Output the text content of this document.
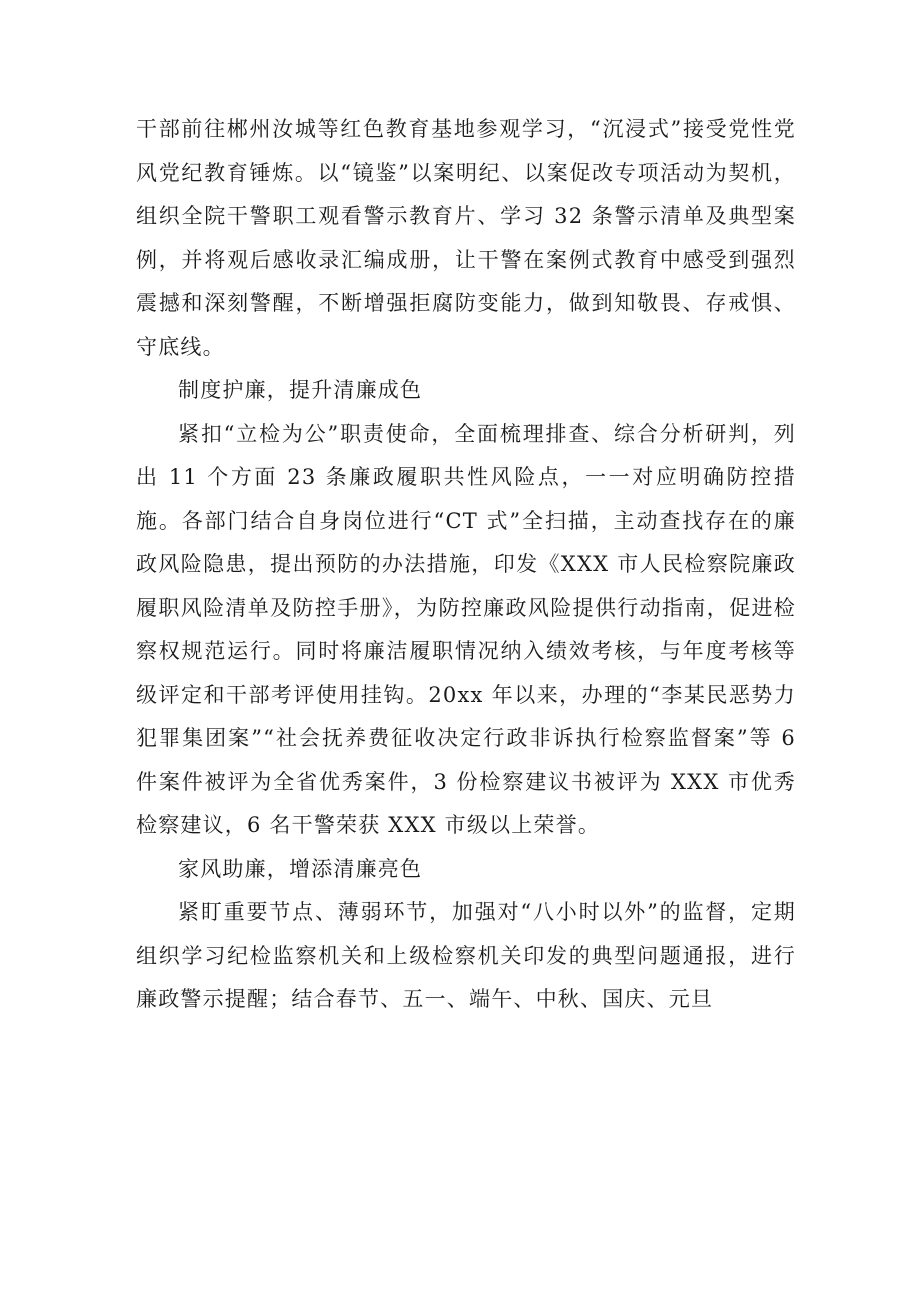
干部前往郴州汝城等红色教育基地参观学习，“沉浸式”接受党性党风党纪教育锤炼。以“镜鉴”以案明纪、以案促改专项活动为契机，组织全院干警职工观看警示教育片、学习 32 条警示清单及典型案例，并将观后感收录汇编成册，让干警在案例式教育中感受到强烈震撼和深刻警醒，不断增强拒腐防变能力，做到知敬畏、存戒惧、守底线。

制度护廉，提升清廉成色

紧扣“立检为公”职责使命，全面梳理排查、综合分析研判，列出 11 个方面 23 条廉政履职共性风险点，一一对应明确防控措施。各部门结合自身岗位进行“CT 式”全扫描，主动查找存在的廉政风险隐患，提出预防的办法措施，印发《XXX 市人民检察院廉政履职风险清单及防控手册》，为防控廉政风险提供行动指南，促进检察权规范运行。同时将廉洁履职情况纳入绩效考核，与年度考核等级评定和干部考评使用挂钩。20xx 年以来，办理的“李某民恶势力犯罪集团案”“社会抚养费征收决定行政非诉执行检察监督案”等 6 件案件被评为全省优秀案件，3 份检察建议书被评为 XXX 市优秀检察建议，6 名干警荣获 XXX 市级以上荣誉。

家风助廉，增添清廉亮色

紧盯重要节点、薄弱环节，加强对“八小时以外”的监督，定期组织学习纪检监察机关和上级检察机关印发的典型问题通报，进行廉政警示提醒；结合春节、五一、端午、中秋、国庆、元旦
